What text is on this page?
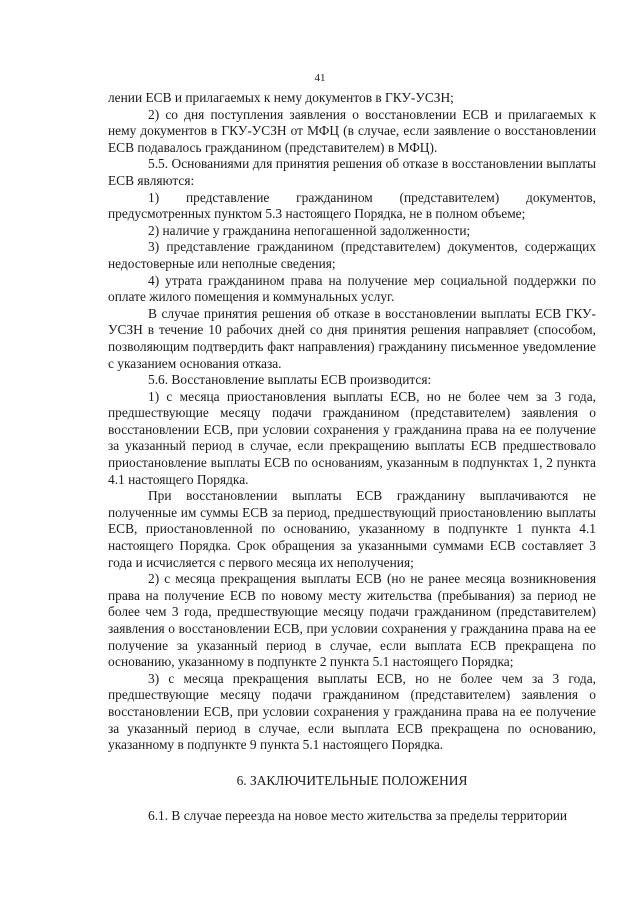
41

лении ЕСВ и прилагаемых к нему документов в ГКУ-УСЗН;

2) со дня поступления заявления о восстановлении ЕСВ и прилагаемых к нему документов в ГКУ-УСЗН от МФЦ (в случае, если заявление о восстановлении ЕСВ подавалось гражданином (представителем) в МФЦ).

5.5. Основаниями для принятия решения об отказе в восстановлении выплаты ЕСВ являются:

1) представление гражданином (представителем) документов, предусмотренных пунктом 5.3 настоящего Порядка, не в полном объеме;

2) наличие у гражданина непогашенной задолженности;

3) представление гражданином (представителем) документов, содержащих недостоверные или неполные сведения;

4) утрата гражданином права на получение мер социальной поддержки по оплате жилого помещения и коммунальных услуг.

В случае принятия решения об отказе в восстановлении выплаты ЕСВ ГКУ-УСЗН в течение 10 рабочих дней со дня принятия решения направляет (способом, позволяющим подтвердить факт направления) гражданину письменное уведомление с указанием основания отказа.

5.6. Восстановление выплаты ЕСВ производится:

1) с месяца приостановления выплаты ЕСВ, но не более чем за 3 года, предшествующие месяцу подачи гражданином (представителем) заявления о восстановлении ЕСВ, при условии сохранения у гражданина права на ее получение за указанный период в случае, если прекращению выплаты ЕСВ предшествовало приостановление выплаты ЕСВ по основаниям, указанным в подпунктах 1, 2 пункта 4.1 настоящего Порядка.

При восстановлении выплаты ЕСВ гражданину выплачиваются не полученные им суммы ЕСВ за период, предшествующий приостановлению выплаты ЕСВ, приостановленной по основанию, указанному в подпункте 1 пункта 4.1 настоящего Порядка. Срок обращения за указанными суммами ЕСВ составляет 3 года и исчисляется с первого месяца их неполучения;

2) с месяца прекращения выплаты ЕСВ (но не ранее месяца возникновения права на получение ЕСВ по новому месту жительства (пребывания) за период не более чем 3 года, предшествующие месяцу подачи гражданином (представителем) заявления о восстановлении ЕСВ, при условии сохранения у гражданина права на ее получение за указанный период в случае, если выплата ЕСВ прекращена по основанию, указанному в подпункте 2 пункта 5.1 настоящего Порядка;

3) с месяца прекращения выплаты ЕСВ, но не более чем за 3 года, предшествующие месяцу подачи гражданином (представителем) заявления о восстановлении ЕСВ, при условии сохранения у гражданина права на ее получение за указанный период в случае, если выплата ЕСВ прекращена по основанию, указанному в подпункте 9 пункта 5.1 настоящего Порядка.

6. ЗАКЛЮЧИТЕЛЬНЫЕ ПОЛОЖЕНИЯ

6.1. В случае переезда на новое место жительства за пределы территории
